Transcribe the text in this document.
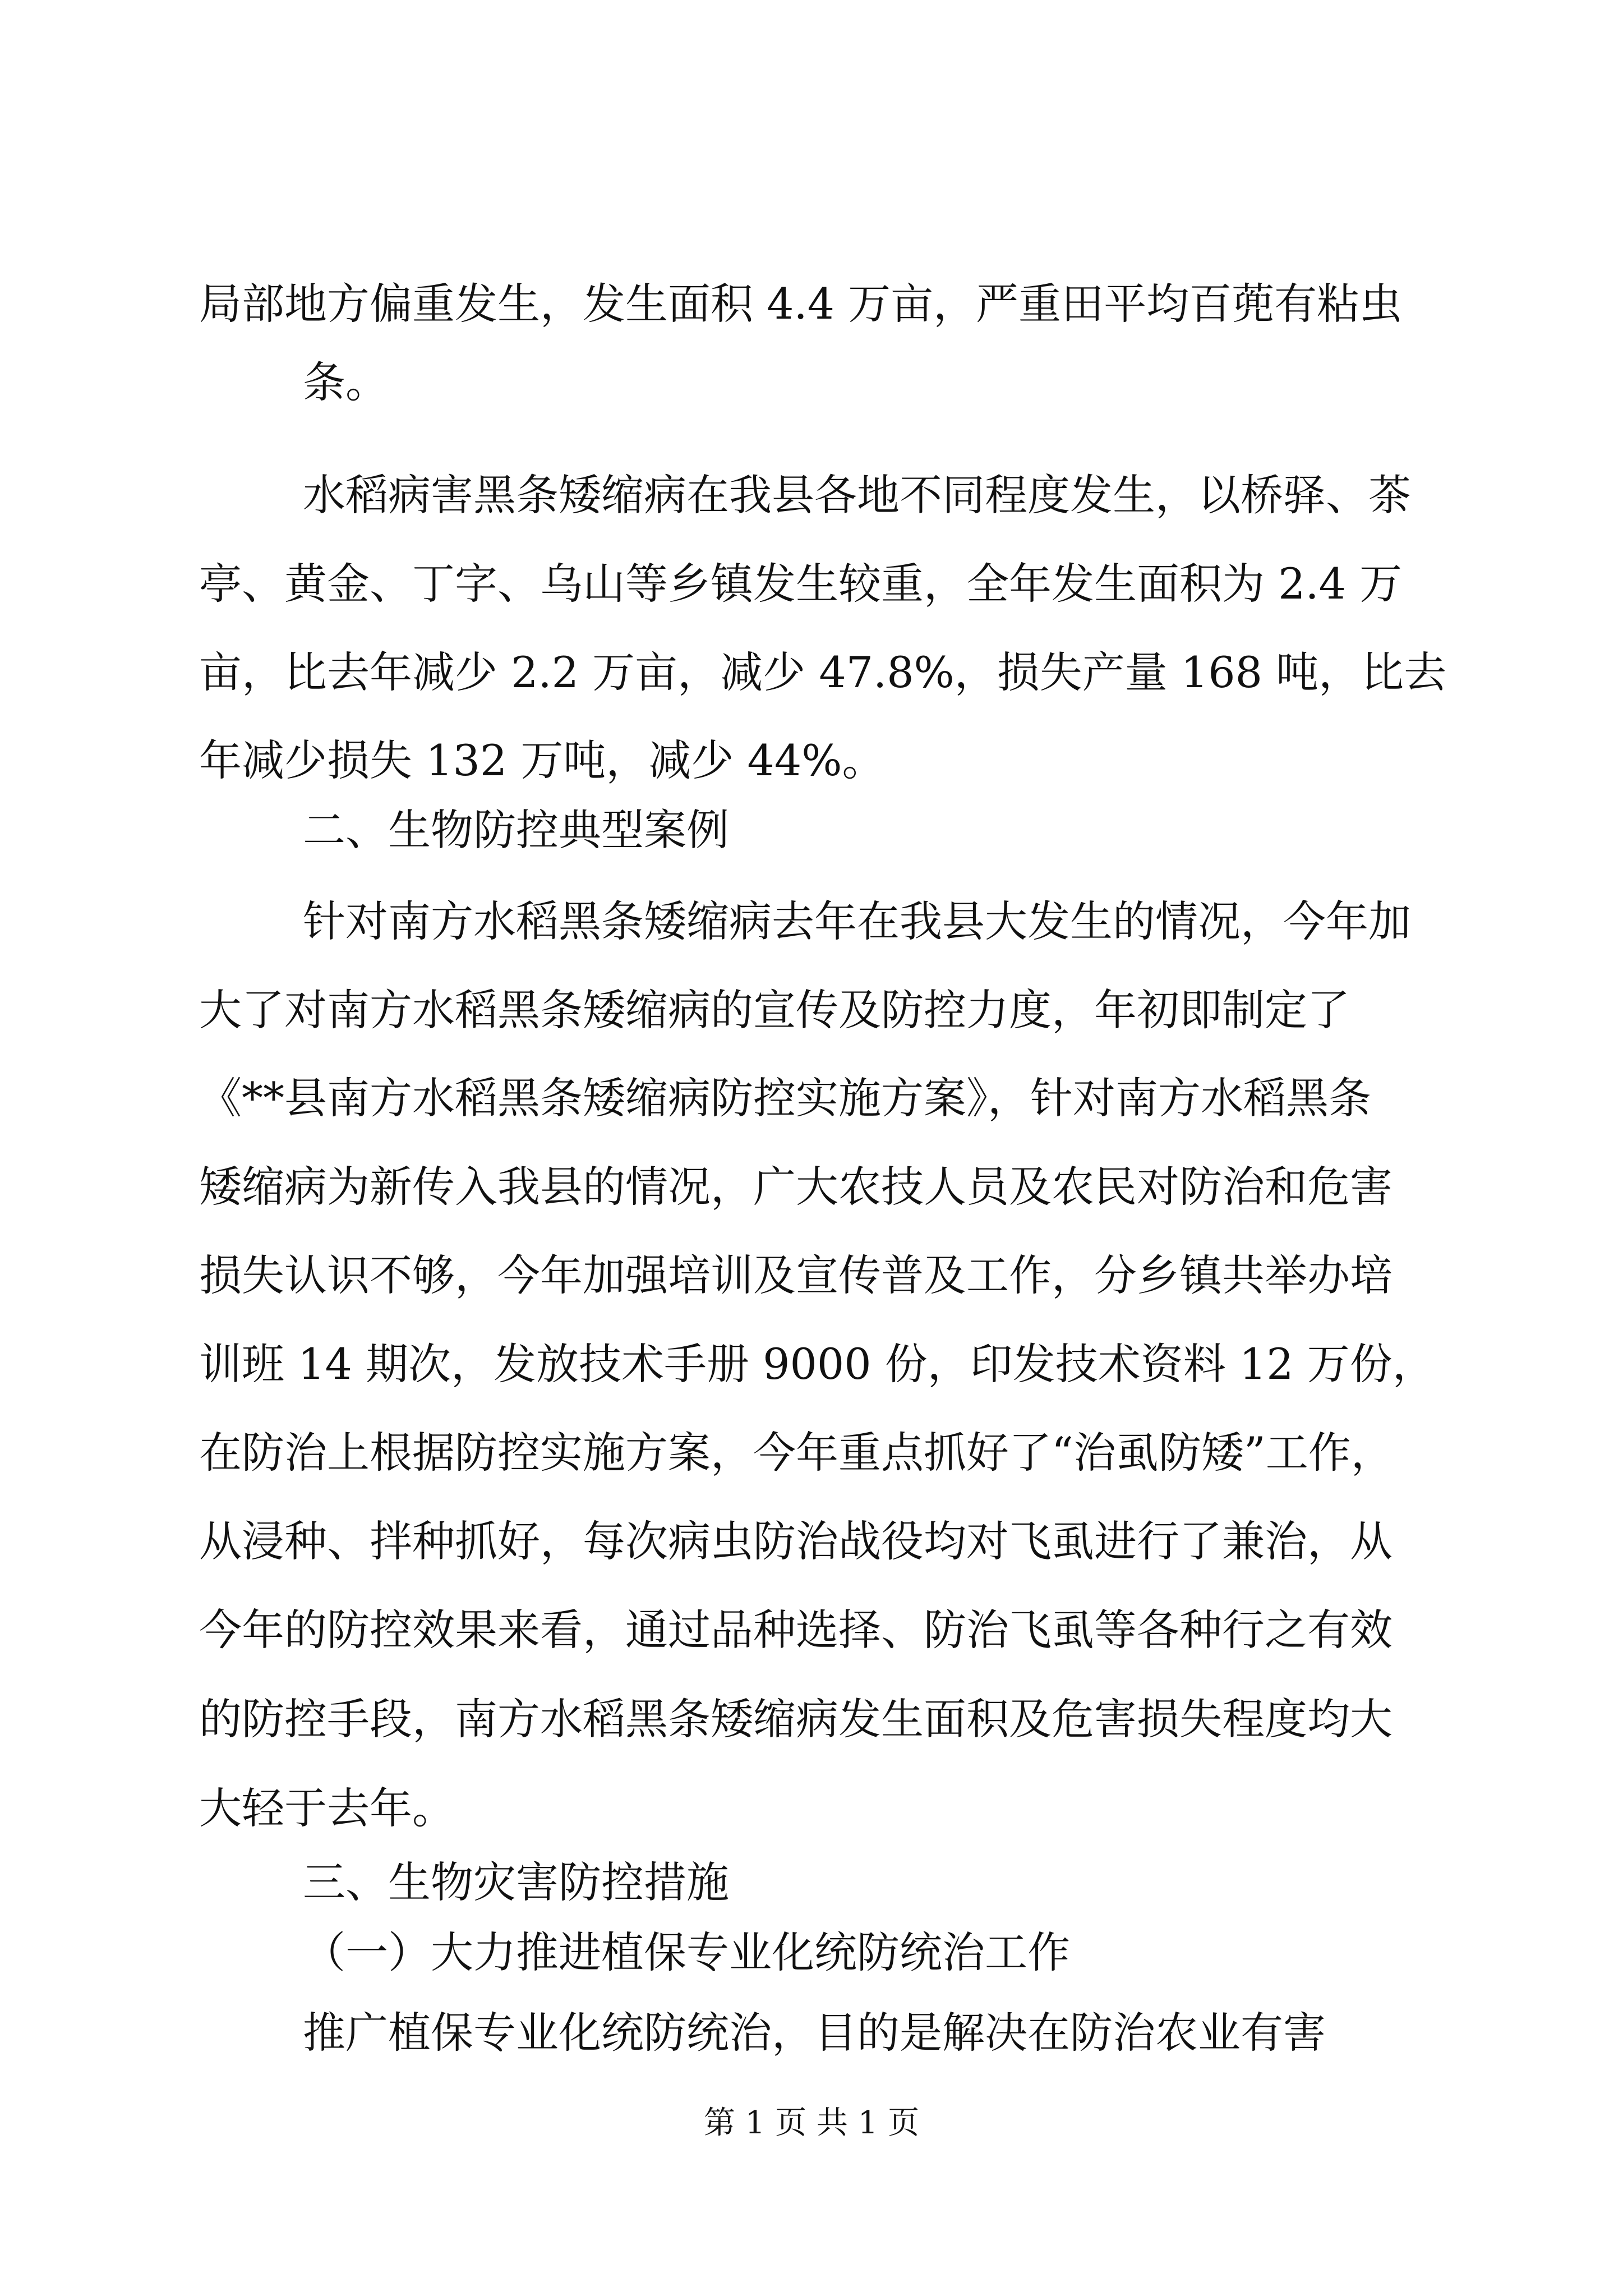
局部地方偏重发生，发生面积 4.4 万亩，严重田平均百蔸有粘虫
条。
水稻病害黑条矮缩病在我县各地不同程度发生，以桥驿、茶
亭、黄金、丁字、乌山等乡镇发生较重，全年发生面积为 2.4 万
亩，比去年减少 2.2 万亩，减少 47.8%，损失产量 168 吨，比去
年减少损失 132 万吨，减少 44%。
二、生物防控典型案例
针对南方水稻黑条矮缩病去年在我县大发生的情况，今年加
大了对南方水稻黑条矮缩病的宣传及防控力度，年初即制定了
《**县南方水稻黑条矮缩病防控实施方案》，针对南方水稻黑条
矮缩病为新传入我县的情况，广大农技人员及农民对防治和危害
损失认识不够，今年加强培训及宣传普及工作，分乡镇共举办培
训班 14 期次，发放技术手册 9000 份，印发技术资料 12 万份，
在防治上根据防控实施方案，今年重点抓好了“治虱防矮”工作，
从浸种、拌种抓好，每次病虫防治战役均对飞虱进行了兼治，从
今年的防控效果来看，通过品种选择、防治飞虱等各种行之有效
的防控手段，南方水稻黑条矮缩病发生面积及危害损失程度均大
大轻于去年。
三、生物灾害防控措施
（一）大力推进植保专业化统防统治工作
推广植保专业化统防统治，目的是解决在防治农业有害
第 1 页 共 1 页
